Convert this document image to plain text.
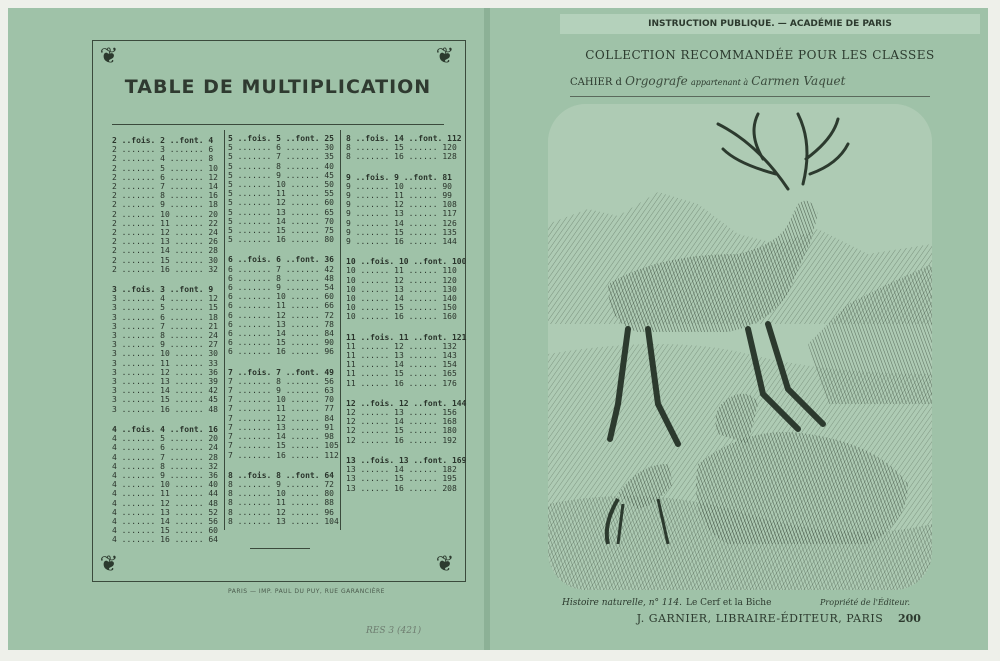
❦	❦
❦	❦
TABLE DE MULTIPLICATION
2 ..fois. 2 ..font. 4
2 ....... 3 ....... 6
2 ....... 4 ....... 8
2 ....... 5 ....... 10
2 ....... 6 ....... 12
2 ....... 7 ....... 14
2 ....... 8 ....... 16
2 ....... 9 ....... 18
2 ....... 10 ...... 20
2 ....... 11 ...... 22
2 ....... 12 ...... 24
2 ....... 13 ...... 26
2 ....... 14 ...... 28
2 ....... 15 ...... 30
2 ....... 16 ...... 32
3 ..fois. 3 ..font. 9
3 ....... 4 ....... 12
3 ....... 5 ....... 15
3 ....... 6 ....... 18
3 ....... 7 ....... 21
3 ....... 8 ....... 24
3 ....... 9 ....... 27
3 ....... 10 ...... 30
3 ....... 11 ...... 33
3 ....... 12 ...... 36
3 ....... 13 ...... 39
3 ....... 14 ...... 42
3 ....... 15 ...... 45
3 ....... 16 ...... 48
4 ..fois. 4 ..font. 16
4 ....... 5 ....... 20
4 ....... 6 ....... 24
4 ....... 7 ....... 28
4 ....... 8 ....... 32
4 ....... 9 ....... 36
4 ....... 10 ...... 40
4 ....... 11 ...... 44
4 ....... 12 ...... 48
4 ....... 13 ...... 52
4 ....... 14 ...... 56
4 ....... 15 ...... 60
4 ....... 16 ...... 64
5 ..fois. 5 ..font. 25
5 ....... 6 ....... 30
5 ....... 7 ....... 35
5 ....... 8 ....... 40
5 ....... 9 ....... 45
5 ....... 10 ...... 50
5 ....... 11 ...... 55
5 ....... 12 ...... 60
5 ....... 13 ...... 65
5 ....... 14 ...... 70
5 ....... 15 ...... 75
5 ....... 16 ...... 80
6 ..fois. 6 ..font. 36
6 ....... 7 ....... 42
6 ....... 8 ....... 48
6 ....... 9 ....... 54
6 ....... 10 ...... 60
6 ....... 11 ...... 66
6 ....... 12 ...... 72
6 ....... 13 ...... 78
6 ....... 14 ...... 84
6 ....... 15 ...... 90
6 ....... 16 ...... 96
7 ..fois. 7 ..font. 49
7 ....... 8 ....... 56
7 ....... 9 ....... 63
7 ....... 10 ...... 70
7 ....... 11 ...... 77
7 ....... 12 ...... 84
7 ....... 13 ...... 91
7 ....... 14 ...... 98
7 ....... 15 ...... 105
7 ....... 16 ...... 112
8 ..fois. 8 ..font. 64
8 ....... 9 ....... 72
8 ....... 10 ...... 80
8 ....... 11 ...... 88
8 ....... 12 ...... 96
8 ....... 13 ...... 104
8 ..fois. 14 ..font. 112
8 ....... 15 ...... 120
8 ....... 16 ...... 128
9 ..fois. 9 ..font. 81
9 ....... 10 ...... 90
9 ....... 11 ...... 99
9 ....... 12 ...... 108
9 ....... 13 ...... 117
9 ....... 14 ...... 126
9 ....... 15 ...... 135
9 ....... 16 ...... 144
10 ..fois. 10 ..font. 100
10 ...... 11 ...... 110
10 ...... 12 ...... 120
10 ...... 13 ...... 130
10 ...... 14 ...... 140
10 ...... 15 ...... 150
10 ...... 16 ...... 160
11 ..fois. 11 ..font. 121
11 ...... 12 ...... 132
11 ...... 13 ...... 143
11 ...... 14 ...... 154
11 ...... 15 ...... 165
11 ...... 16 ...... 176
12 ..fois. 12 ..font. 144
12 ...... 13 ...... 156
12 ...... 14 ...... 168
12 ...... 15 ...... 180
12 ...... 16 ...... 192
13 ..fois. 13 ..font. 169
13 ...... 14 ...... 182
13 ...... 15 ...... 195
13 ...... 16 ...... 208
PARIS — IMP. PAUL DU PUY, RUE GARANCIÈRE
RES 3 (421)
INSTRUCTION PUBLIQUE. — ACADÉMIE DE PARIS
COLLECTION RECOMMANDÉE POUR LES CLASSES
CAHIER d Orgografe appartenant à Carmen Vaquet
Histoire naturelle, n° 114. Le Cerf et la Biche	Propriété de l'Éditeur.
J. GARNIER, LIBRAIRE-ÉDITEUR, PARIS	200
